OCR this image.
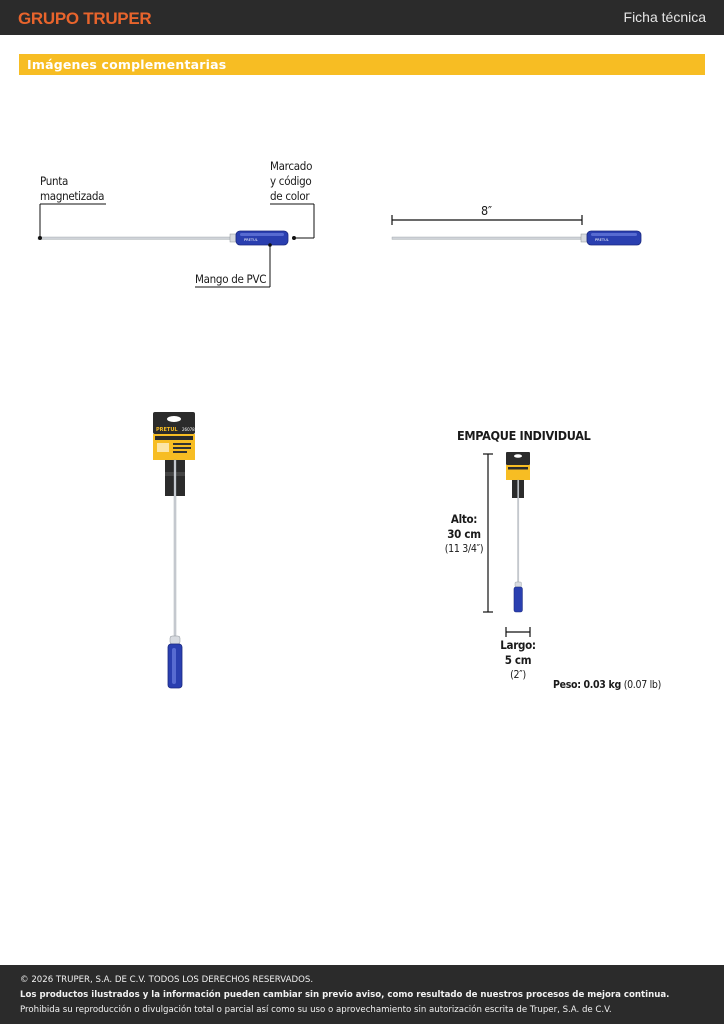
GRUPO TRUPER	Ficha técnica
Imágenes complementarias
PRETUL
Punta
magnetizada
Marcado
y código
de color
Mango de PVC
PRETUL
8″
PRETUL 26078	EMPAQUE INDIVIDUAL
Alto:
30 cm
(11 3/4″)
Largo:
5 cm
(2″)
Peso: 0.03 kg (0.07 lb)
© 2026 TRUPER, S.A. DE C.V. TODOS LOS DERECHOS RESERVADOS.
Los productos ilustrados y la información pueden cambiar sin previo aviso, como resultado de nuestros procesos de mejora continua.
Prohibida su reproducción o divulgación total o parcial así como su uso o aprovechamiento sin autorización escrita de Truper, S.A. de C.V.
